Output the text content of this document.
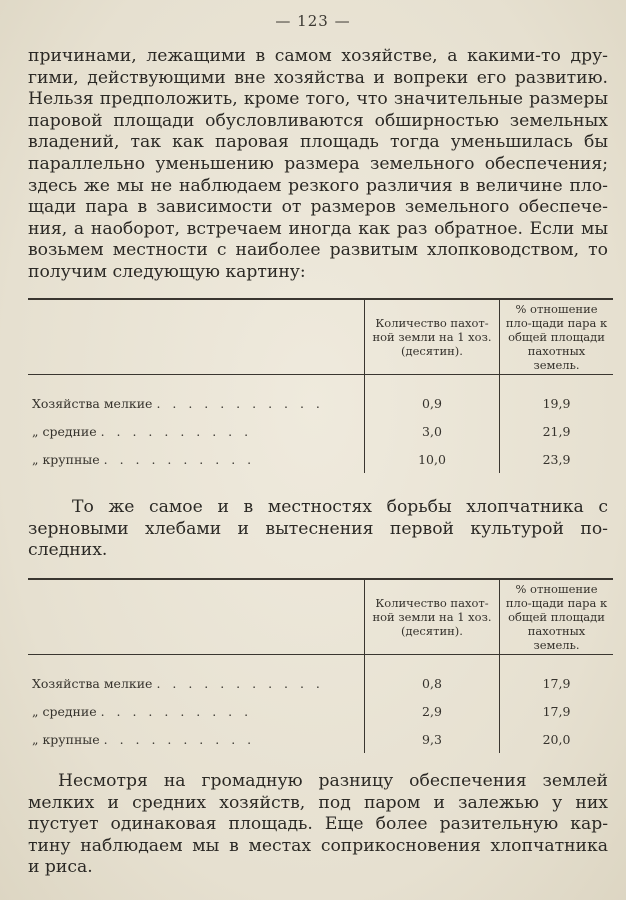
— 123 —

причинами, лежащими в самом хозяйстве, а какими-то дру-
гими, действующими вне хозяйства и вопреки его развитию.
Нельзя предположить, кроме того, что значительные размеры
паровой площади обусловливаются обширностью земельных
владений, так как паровая площадь тогда уменьшилась бы
параллельно уменьшению размера земельного обеспечения;
здесь же мы не наблюдаем резкого различия в величине пло-
щади пара в зависимости от размеров земельного обеспече-
ния, а наоборот, встречаем иногда как раз обратное. Если мы
возьмем местности с наиболее развитым хлопководством, то
получим следующую картину:

	Количество пахот-ной земли на 1 хоз. (десятин).	% отношение пло-щади пара к общей площади пахотных земель.

Хозяйства мелкие . . . . . . . . . . .	0,9	19,9
„ средние . . . . . . . . . .	3,0	21,9
„ крупные . . . . . . . . . .	10,0	23,9

То же самое и в местностях борьбы хлопчатника с
зерновыми хлебами и вытеснения первой культурой по-
следних.

	Количество пахот-ной земли на 1 хоз. (десятин).	% отношение пло-щади пара к общей площади пахотных земель.

Хозяйства мелкие . . . . . . . . . . .	0,8	17,9
„ средние . . . . . . . . . .	2,9	17,9
„ крупные . . . . . . . . . .	9,3	20,0

Несмотря на громадную разницу обеспечения землей
мелких и средних хозяйств, под паром и залежью у них
пустует одинаковая площадь. Еще более разительную кар-
тину наблюдаем мы в местах соприкосновения хлопчатника
и риса.
